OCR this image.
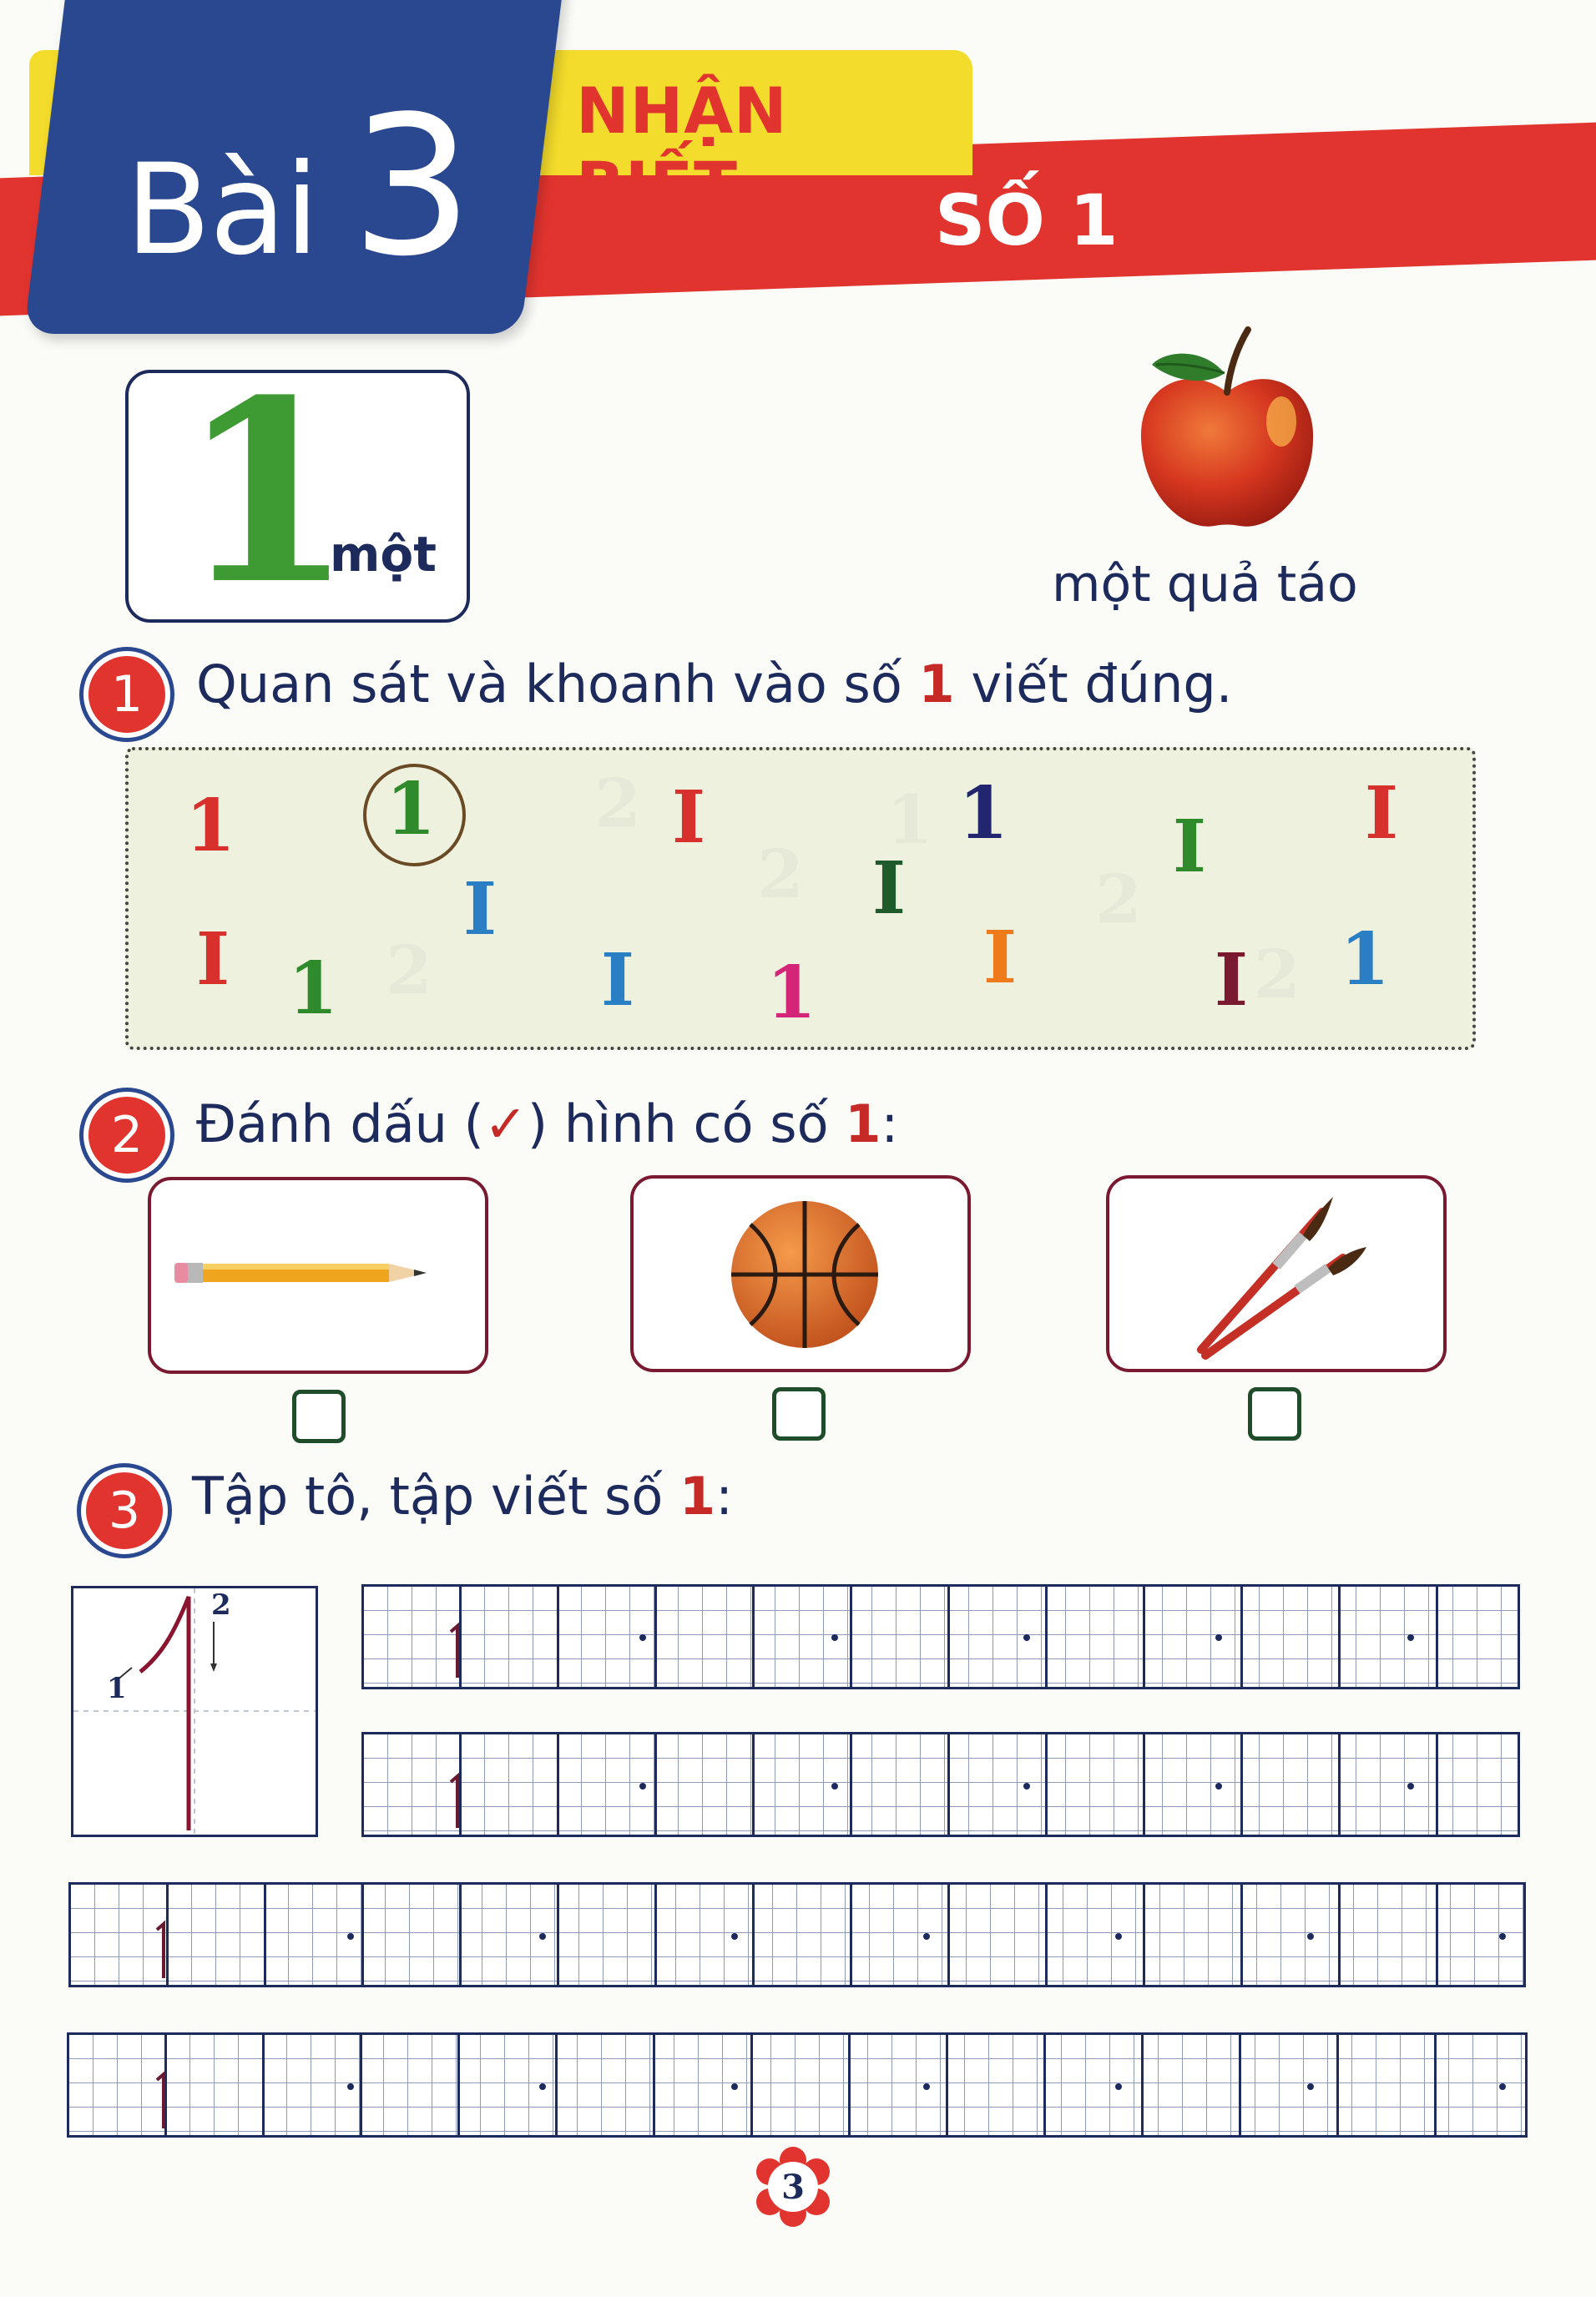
Bài 3 NHẬN BIẾT	SỐ 1
1
một
một quả táo
1	Quan sát và khoanh vào số 1 viết đúng.
2	1
2	2
2	2
1 1	I	1 I I
I	I
I 1	I 1 I	I 1
2	Đánh dấu (✓) hình có số 1:
3 Tập tô, tập viết số 1:
2
1
3
